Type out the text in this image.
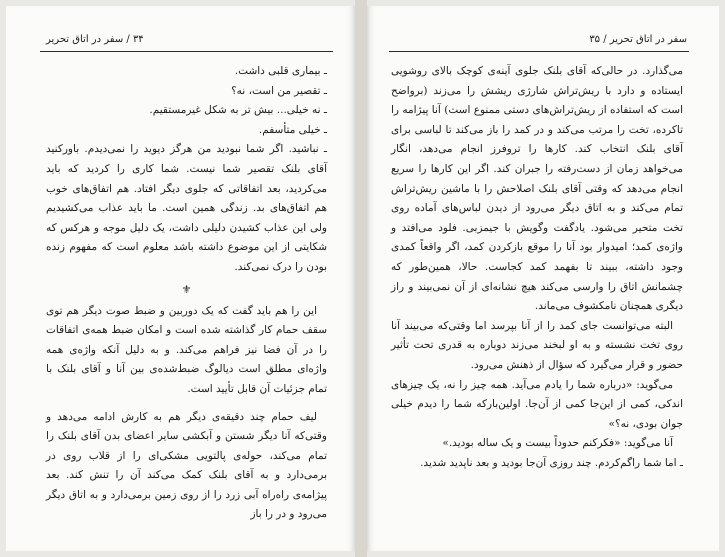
۳۴ / سفر در اتاق تحریر

ـ بیماری قلبی داشت.

ـ تقصیر من است، نه؟

ـ نه خیلی... بیش تر به شکل غیرمستقیم.

ـ خیلی متأسفم.

ـ نباشید. اگر شما نبودید من هرگز دیوید را نمی‌دیدم. باورکنید آقای بلنک تقصیر شما نیست. شما کاری را کردید که باید می‌کردید، بعد اتفاقاتی که جلوی دیگر افتاد. هم اتفاق‌های خوب هم اتفاق‌های بد. زندگی همین است. ما باید عذاب می‌کشیدیم ولی این عذاب کشیدن دلیلی داشت، یک دلیل موجه و هرکس که شکایتی از این موضوع داشته باشد معلوم است که مفهوم زنده بودن را درک نمی‌کند.

⚜

این را هم باید گفت که یک دوربین و ضبط صوت دیگر هم توی سقف حمام کار گذاشته شده است و امکان ضبط همه‌ی اتفاقات را در آن فضا نیز فراهم می‌کند. و به دلیل آنکه واژه‌ی همه واژه‌ای مطلق است دیالوگ ضبط‌شده‌ی بین آنا و آقای بلنک با تمام جزئیات آن قابل تأیید است.

لیف حمام چند دقیقه‌ی دیگر هم به کارش ادامه می‌دهد و وقتی‌که آنا دیگر شستن و آبکشی سایر اعضای بدن آقای بلنک را تمام می‌کند، حوله‌ی پالتویی مشکی‌ای را از قلاب روی در برمی‌دارد و به آقای بلنک کمک می‌کند آن را تنش کند. بعد پیژامه‌ی راه‌راه آبی زرد را از روی زمین برمی‌دارد و به اتاق دیگر می‌رود و در را باز

سفر در اتاق تحریر / ۳۵

می‌گذارد. در حالی‌که آقای بلنک جلوی آینه‌ی کوچک بالای روشویی ایستاده و دارد با ریش‌تراش شارژی ریشش را می‌زند (برواضح است که استفاده از ریش‌تراش‌های دستی ممنوع است) آنا پیژامه را تاکرده، تخت را مرتب می‌کند و در کمد را باز می‌کند تا لباسی برای آقای بلنک انتخاب کند. کارها را تروفرز انجام می‌دهد، انگار می‌خواهد زمان از دست‌رفته را جبران کند. اگر این کارها را سریع انجام می‌دهد که وقتی آقای بلنک اصلاحش را با ماشین ریش‌تراش تمام می‌کند و به اتاق دیگر می‌رود از دیدن لباس‌های آماده روی تخت متحیر می‌شود. یادگفت وگویش با جیمزبی. فلود می‌افتد و واژه‌ی کمد؛ امیدوار بود آنا را موقع بازکردن کمد، اگر واقعاً کمدی وجود داشته، ببیند تا بفهمد کمد کجاست. حالا، همین‌طور که چشمانش اتاق را وارسی می‌کند هیچ نشانه‌ای از آن نمی‌بیند و راز دیگری همچنان نامکشوف می‌ماند.

البته می‌توانست جای کمد را از آنا بپرسد اما وقتی‌که می‌بیند آنا روی تخت نشسته و به او لبخند می‌زند دوباره به قدری تحت تأثیر حضور و قرار می‌گیرد که سؤال از ذهنش می‌رود.

می‌گوید: «درباره شما را یادم می‌آید. همه چیز را نه، یک چیزهای اندکی، کمی از این‌جا کمی از آن‌جا. اولین‌بارکه شما را دیدم خیلی جوان بودی، نه؟»

آنا می‌گوید: «فکرکنم حدوداً بیست و یک ساله بودید.»

ـ اما شما راگم‌کردم. چند روزی آن‌جا بودید و بعد ناپدید شدید.
